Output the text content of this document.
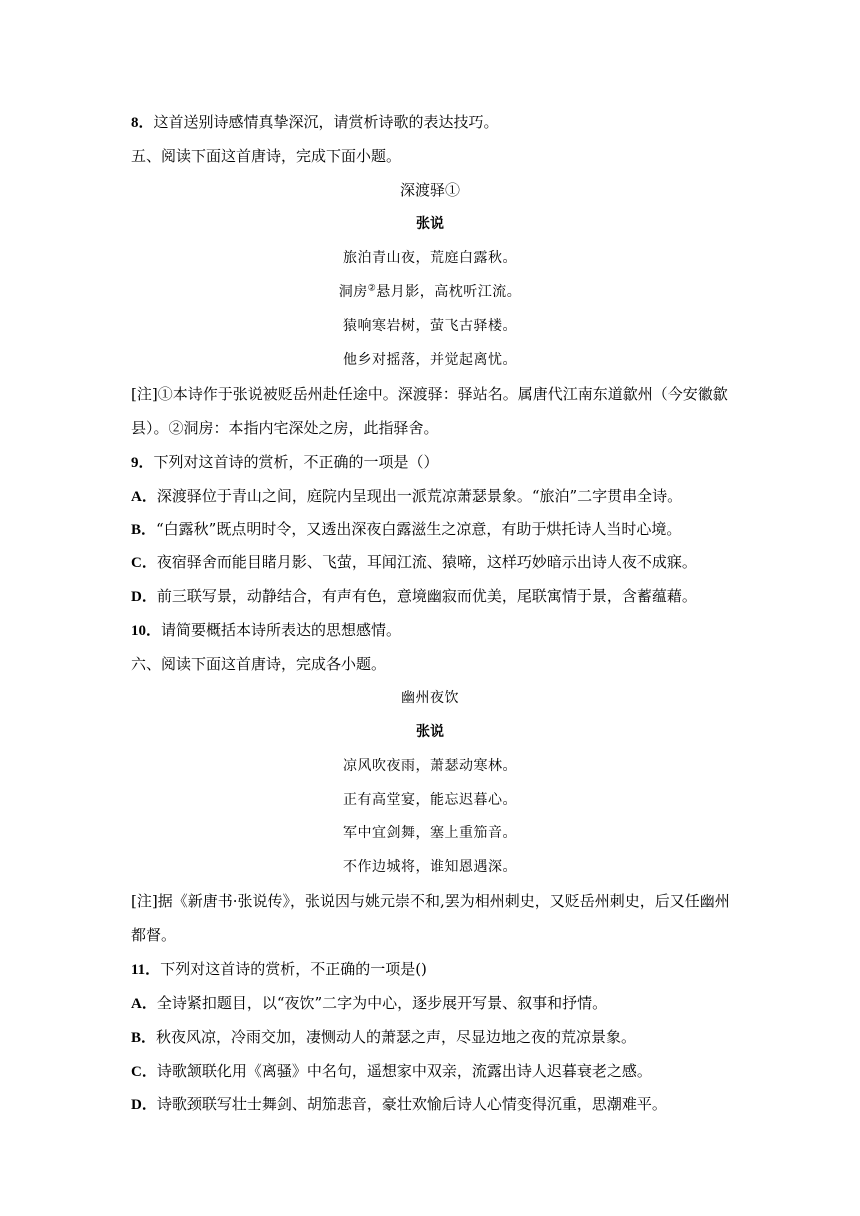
8．这首送别诗感情真挚深沉，请赏析诗歌的表达技巧。
五、阅读下面这首唐诗，完成下面小题。
深渡驿①
张说
旅泊青山夜，荒庭白露秋。
洞房②悬月影，高枕听江流。
猿响寒岩树，萤飞古驿楼。
他乡对摇落，并觉起离忧。
[注]①本诗作于张说被贬岳州赴任途中。深渡驿：驿站名。属唐代江南东道歙州（今安徽歙
县）。②洞房：本指内宅深处之房，此指驿舍。
9．下列对这首诗的赏析，不正确的一项是（）
A．深渡驿位于青山之间，庭院内呈现出一派荒凉萧瑟景象。“旅泊”二字贯串全诗。
B．“白露秋”既点明时令，又透出深夜白露滋生之凉意，有助于烘托诗人当时心境。
C．夜宿驿舍而能目睹月影、飞萤，耳闻江流、猿啼，这样巧妙暗示出诗人夜不成寐。
D．前三联写景，动静结合，有声有色，意境幽寂而优美，尾联寓情于景，含蓄蕴藉。
10．请简要概括本诗所表达的思想感情。
六、阅读下面这首唐诗，完成各小题。
幽州夜饮
张说
凉风吹夜雨，萧瑟动寒林。
正有高堂宴，能忘迟暮心。
军中宜剑舞，塞上重笳音。
不作边城将，谁知恩遇深。
[注]据《新唐书·张说传》，张说因与姚元崇不和,罢为相州刺史，又贬岳州刺史，后又任幽州
都督。
11．下列对这首诗的赏析，不正确的一项是()
A．全诗紧扣题目，以“夜饮”二字为中心，逐步展开写景、叙事和抒情。
B．秋夜风凉，冷雨交加，凄恻动人的萧瑟之声，尽显边地之夜的荒凉景象。
C．诗歌颔联化用《离骚》中名句，遥想家中双亲，流露出诗人迟暮衰老之感。
D．诗歌颈联写壮士舞剑、胡笳悲音，豪壮欢愉后诗人心情变得沉重，思潮难平。
